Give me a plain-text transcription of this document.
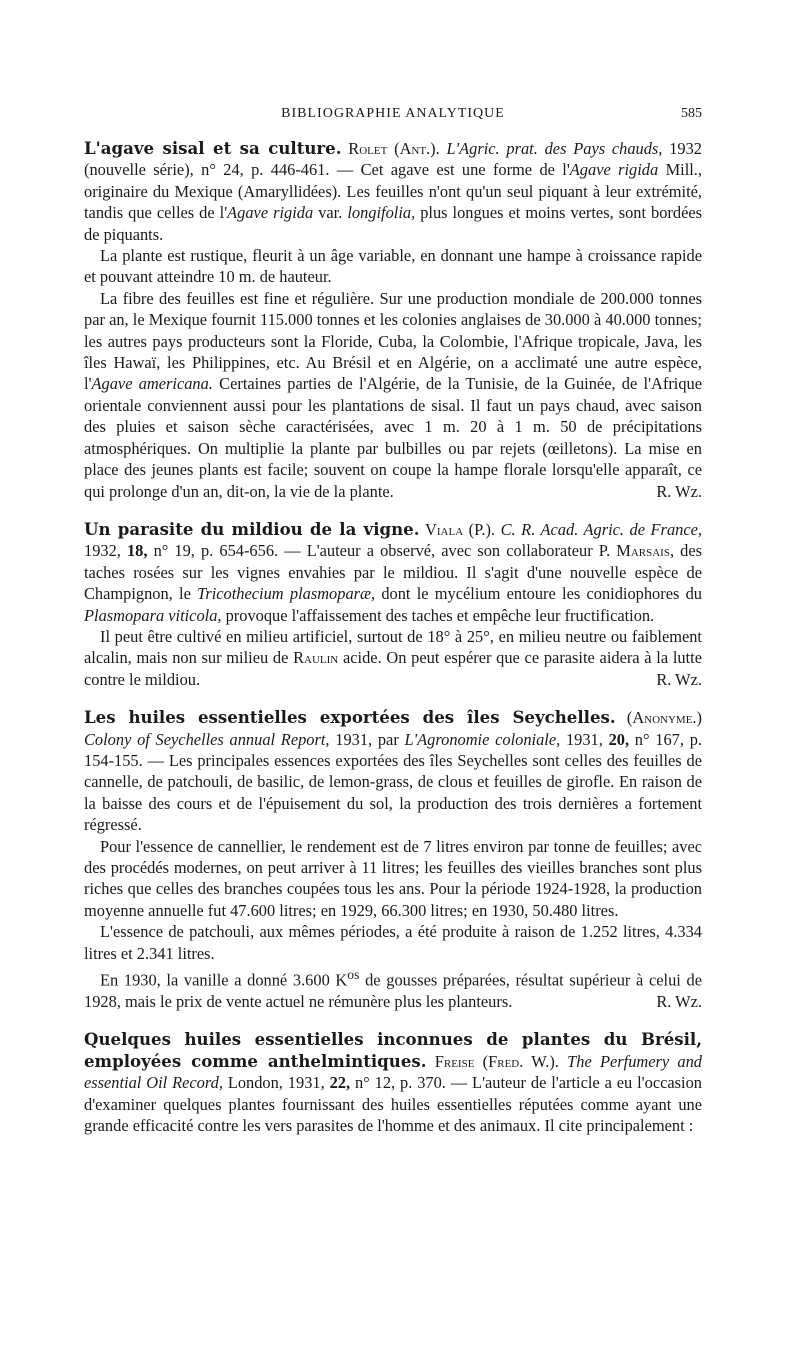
BIBLIOGRAPHIE ANALYTIQUE	585

L'agave sisal et sa culture. Rolet (Ant.). L'Agric. prat. des Pays chauds, 1932 (nouvelle série), n° 24, p. 446-461. — Cet agave est une forme de l'Agave rigida Mill., originaire du Mexique (Amaryllidées). Les feuilles n'ont qu'un seul piquant à leur extrémité, tandis que celles de l'Agave rigida var. longifolia, plus longues et moins vertes, sont bordées de piquants.

La plante est rustique, fleurit à un âge variable, en donnant une hampe à croissance rapide et pouvant atteindre 10 m. de hauteur.

La fibre des feuilles est fine et régulière. Sur une production mondiale de 200.000 tonnes par an, le Mexique fournit 115.000 tonnes et les colonies anglaises de 30.000 à 40.000 tonnes; les autres pays producteurs sont la Floride, Cuba, la Colombie, l'Afrique tropicale, Java, les îles Hawaï, les Philippines, etc. Au Brésil et en Algérie, on a acclimaté une autre espèce, l'Agave americana. Certaines parties de l'Algérie, de la Tunisie, de la Guinée, de l'Afrique orientale conviennent aussi pour les plantations de sisal. Il faut un pays chaud, avec saison des pluies et saison sèche caractérisées, avec 1 m. 20 à 1 m. 50 de précipitations atmosphériques. On multiplie la plante par bulbilles ou par rejets (œilletons). La mise en place des jeunes plants est facile; souvent on coupe la hampe florale lorsqu'elle apparaît, ce qui prolonge d'un an, dit-on, la vie de la plante.	R. Wz.

Un parasite du mildiou de la vigne. Viala (P.). C. R. Acad. Agric. de France, 1932, 18, n° 19, p. 654-656. — L'auteur a observé, avec son collaborateur P. Marsais, des taches rosées sur les vignes envahies par le mildiou. Il s'agit d'une nouvelle espèce de Champignon, le Tricothecium plasmoparæ, dont le mycélium entoure les conidiophores du Plasmopara viticola, provoque l'affaissement des taches et empêche leur fructification.

Il peut être cultivé en milieu artificiel, surtout de 18° à 25°, en milieu neutre ou faiblement alcalin, mais non sur milieu de Raulin acide. On peut espérer que ce parasite aidera à la lutte contre le mildiou.	R. Wz.

Les huiles essentielles exportées des îles Seychelles. (Anonyme.) Colony of Seychelles annual Report, 1931, par L'Agronomie coloniale, 1931, 20, n° 167, p. 154-155. — Les principales essences exportées des îles Seychelles sont celles des feuilles de cannelle, de patchouli, de basilic, de lemon-grass, de clous et feuilles de girofle. En raison de la baisse des cours et de l'épuisement du sol, la production des trois dernières a fortement régressé.

Pour l'essence de cannellier, le rendement est de 7 litres environ par tonne de feuilles; avec des procédés modernes, on peut arriver à 11 litres; les feuilles des vieilles branches sont plus riches que celles des branches coupées tous les ans. Pour la période 1924-1928, la production moyenne annuelle fut 47.600 litres; en 1929, 66.300 litres; en 1930, 50.480 litres.

L'essence de patchouli, aux mêmes périodes, a été produite à raison de 1.252 litres, 4.334 litres et 2.341 litres.

En 1930, la vanille a donné 3.600 $K^{os}$ de gousses préparées, résultat supérieur à celui de 1928, mais le prix de vente actuel ne rémunère plus les planteurs.	R. Wz.

Quelques huiles essentielles inconnues de plantes du Brésil, employées comme anthelmintiques. Freise (Fred. W.). The Perfumery and essential Oil Record, London, 1931, 22, n° 12, p. 370. — L'auteur de l'article a eu l'occasion d'examiner quelques plantes fournissant des huiles essentielles réputées comme ayant une grande efficacité contre les vers parasites de l'homme et des animaux. Il cite principalement :
